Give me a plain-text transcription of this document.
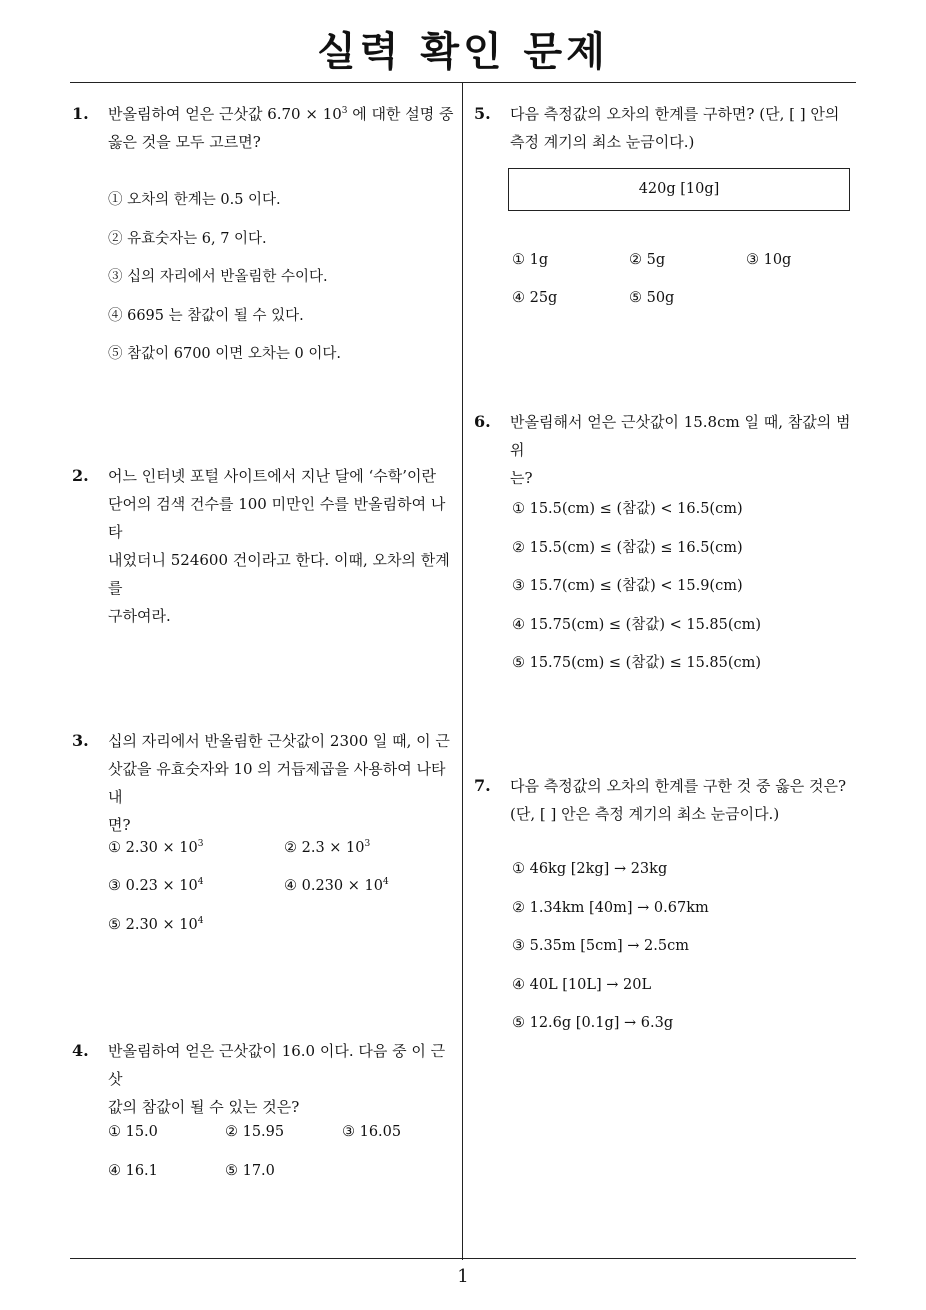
실력 확인 문제
1. 반올림하여 얻은 근삿값 $6.70 \times 10^3$ 에 대한 설명 중
옳은 것을 모두 고르면?
① 오차의 한계는 0.5 이다.
② 유효숫자는 6, 7 이다.
③ 십의 자리에서 반올림한 수이다.
④ 6695 는 참값이 될 수 있다.
⑤ 참값이 6700 이면 오차는 0 이다.
2. 어느 인터넷 포털 사이트에서 지난 달에 ‘수학’이란
단어의 검색 건수를 100 미만인 수를 반올림하여 나타
내었더니 524600 건이라고 한다. 이때, 오차의 한계를
구하여라.
3. 십의 자리에서 반올림한 근삿값이 2300 일 때, 이 근
삿값을 유효숫자와 10 의 거듭제곱을 사용하여 나타내
면?
① $2.30 \times 10^3$	② $2.3 \times 10^3$
③ $0.23 \times 10^4$	④ $0.230 \times 10^4$
⑤ $2.30 \times 10^4$
4. 반올림하여 얻은 근삿값이 16.0 이다. 다음 중 이 근삿
값의 참값이 될 수 있는 것은?
① 15.0	② 15.95	③ 16.05
④ 16.1	⑤ 17.0
5. 다음 측정값의 오차의 한계를 구하면? (단, [ ] 안의
측정 계기의 최소 눈금이다.)
420g [10g]
① 1g	② 5g	③ 10g
④ 25g	⑤ 50g
6. 반올림해서 얻은 근삿값이 15.8cm 일 때, 참값의 범위
는?
① 15.5(cm) ≤ (참값) < 16.5(cm)
② 15.5(cm) ≤ (참값) ≤ 16.5(cm)
③ 15.7(cm) ≤ (참값) < 15.9(cm)
④ 15.75(cm) ≤ (참값) < 15.85(cm)
⑤ 15.75(cm) ≤ (참값) ≤ 15.85(cm)
7. 다음 측정값의 오차의 한계를 구한 것 중 옳은 것은?
(단, [ ] 안은 측정 계기의 최소 눈금이다.)
① 46kg [2kg] → 23kg
② 1.34km [40m] → 0.67km
③ 5.35m [5cm] → 2.5cm
④ 40L [10L] → 20L
⑤ 12.6g [0.1g] → 6.3g
1
